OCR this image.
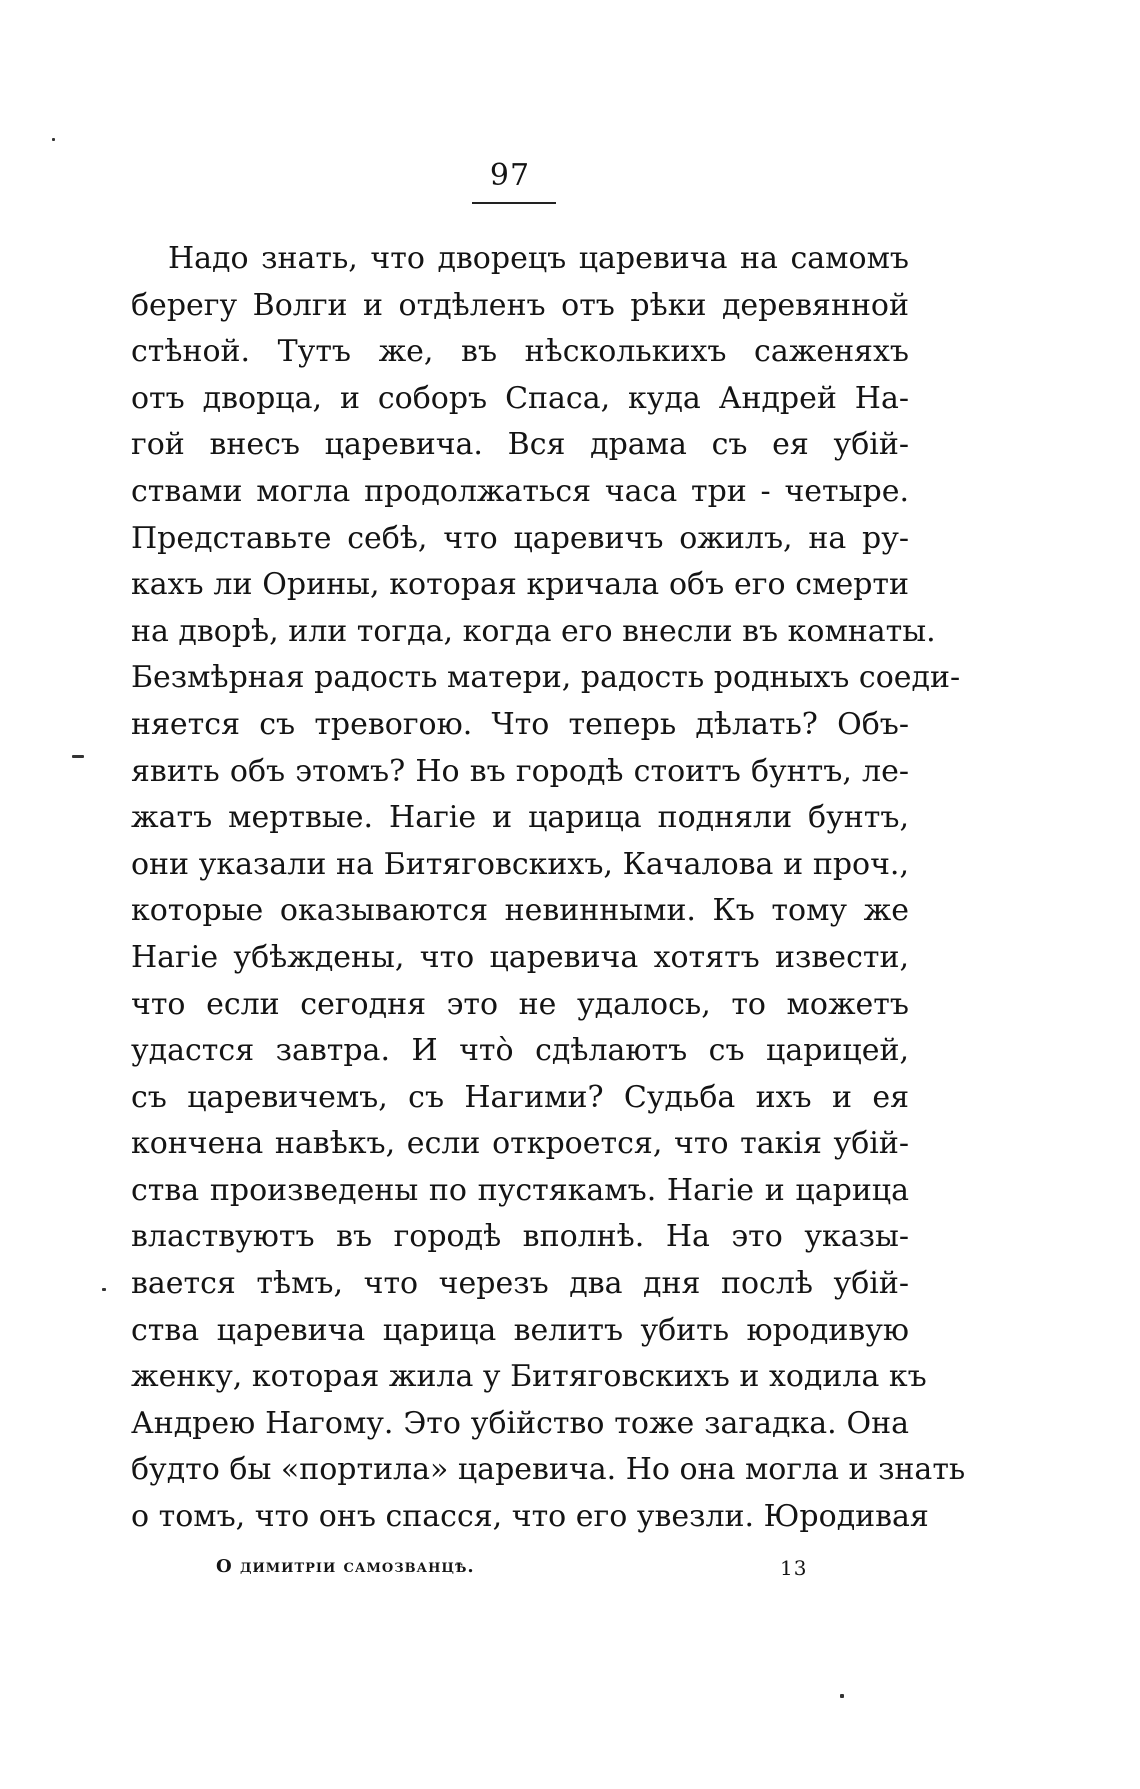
97
Надо знать, что дворецъ царевича на самомъ
берегу Волги и отдѣленъ отъ рѣки деревянной
стѣной. Тутъ же, въ нѣсколькихъ саженяхъ
отъ дворца, и соборъ Спаса, куда Андрей На-
гой внесъ царевича. Вся драма съ ея убій-
ствами могла продолжаться часа три - четыре.
Представьте себѣ, что царевичъ ожилъ, на ру-
кахъ ли Орины, которая кричала объ его смерти
на дворѣ, или тогда, когда его внесли въ комнаты.
Безмѣрная радость матери, радость родныхъ соеди-
няется съ тревогою. Что теперь дѣлать? Объ-
явить объ этомъ? Но въ городѣ стоитъ бунтъ, ле-
жатъ мертвые. Нагіе и царица подняли бунтъ,
они указали на Битяговскихъ, Качалова и проч.,
которые оказываются невинными. Къ тому же
Нагіе убѣждены, что царевича хотятъ извести,
что если сегодня это не удалось, то можетъ
удастся завтра. И что̀ сдѣлаютъ съ царицей,
съ царевичемъ, съ Нагими? Судьба ихъ и ея
кончена навѣкъ, если откроется, что такія убій-
ства произведены по пустякамъ. Нагіе и царица
властвуютъ въ городѣ вполнѣ. На это указы-
вается тѣмъ, что черезъ два дня послѣ убій-
ства царевича царица велитъ убить юродивую
женку, которая жила у Битяговскихъ и ходила къ
Андрею Нагому. Это убійство тоже загадка. Она
будто бы «портила» царевича. Но она могла и знать
о томъ, что онъ спасся, что его увезли. Юродивая
О димитріи самозванцѣ.	13
